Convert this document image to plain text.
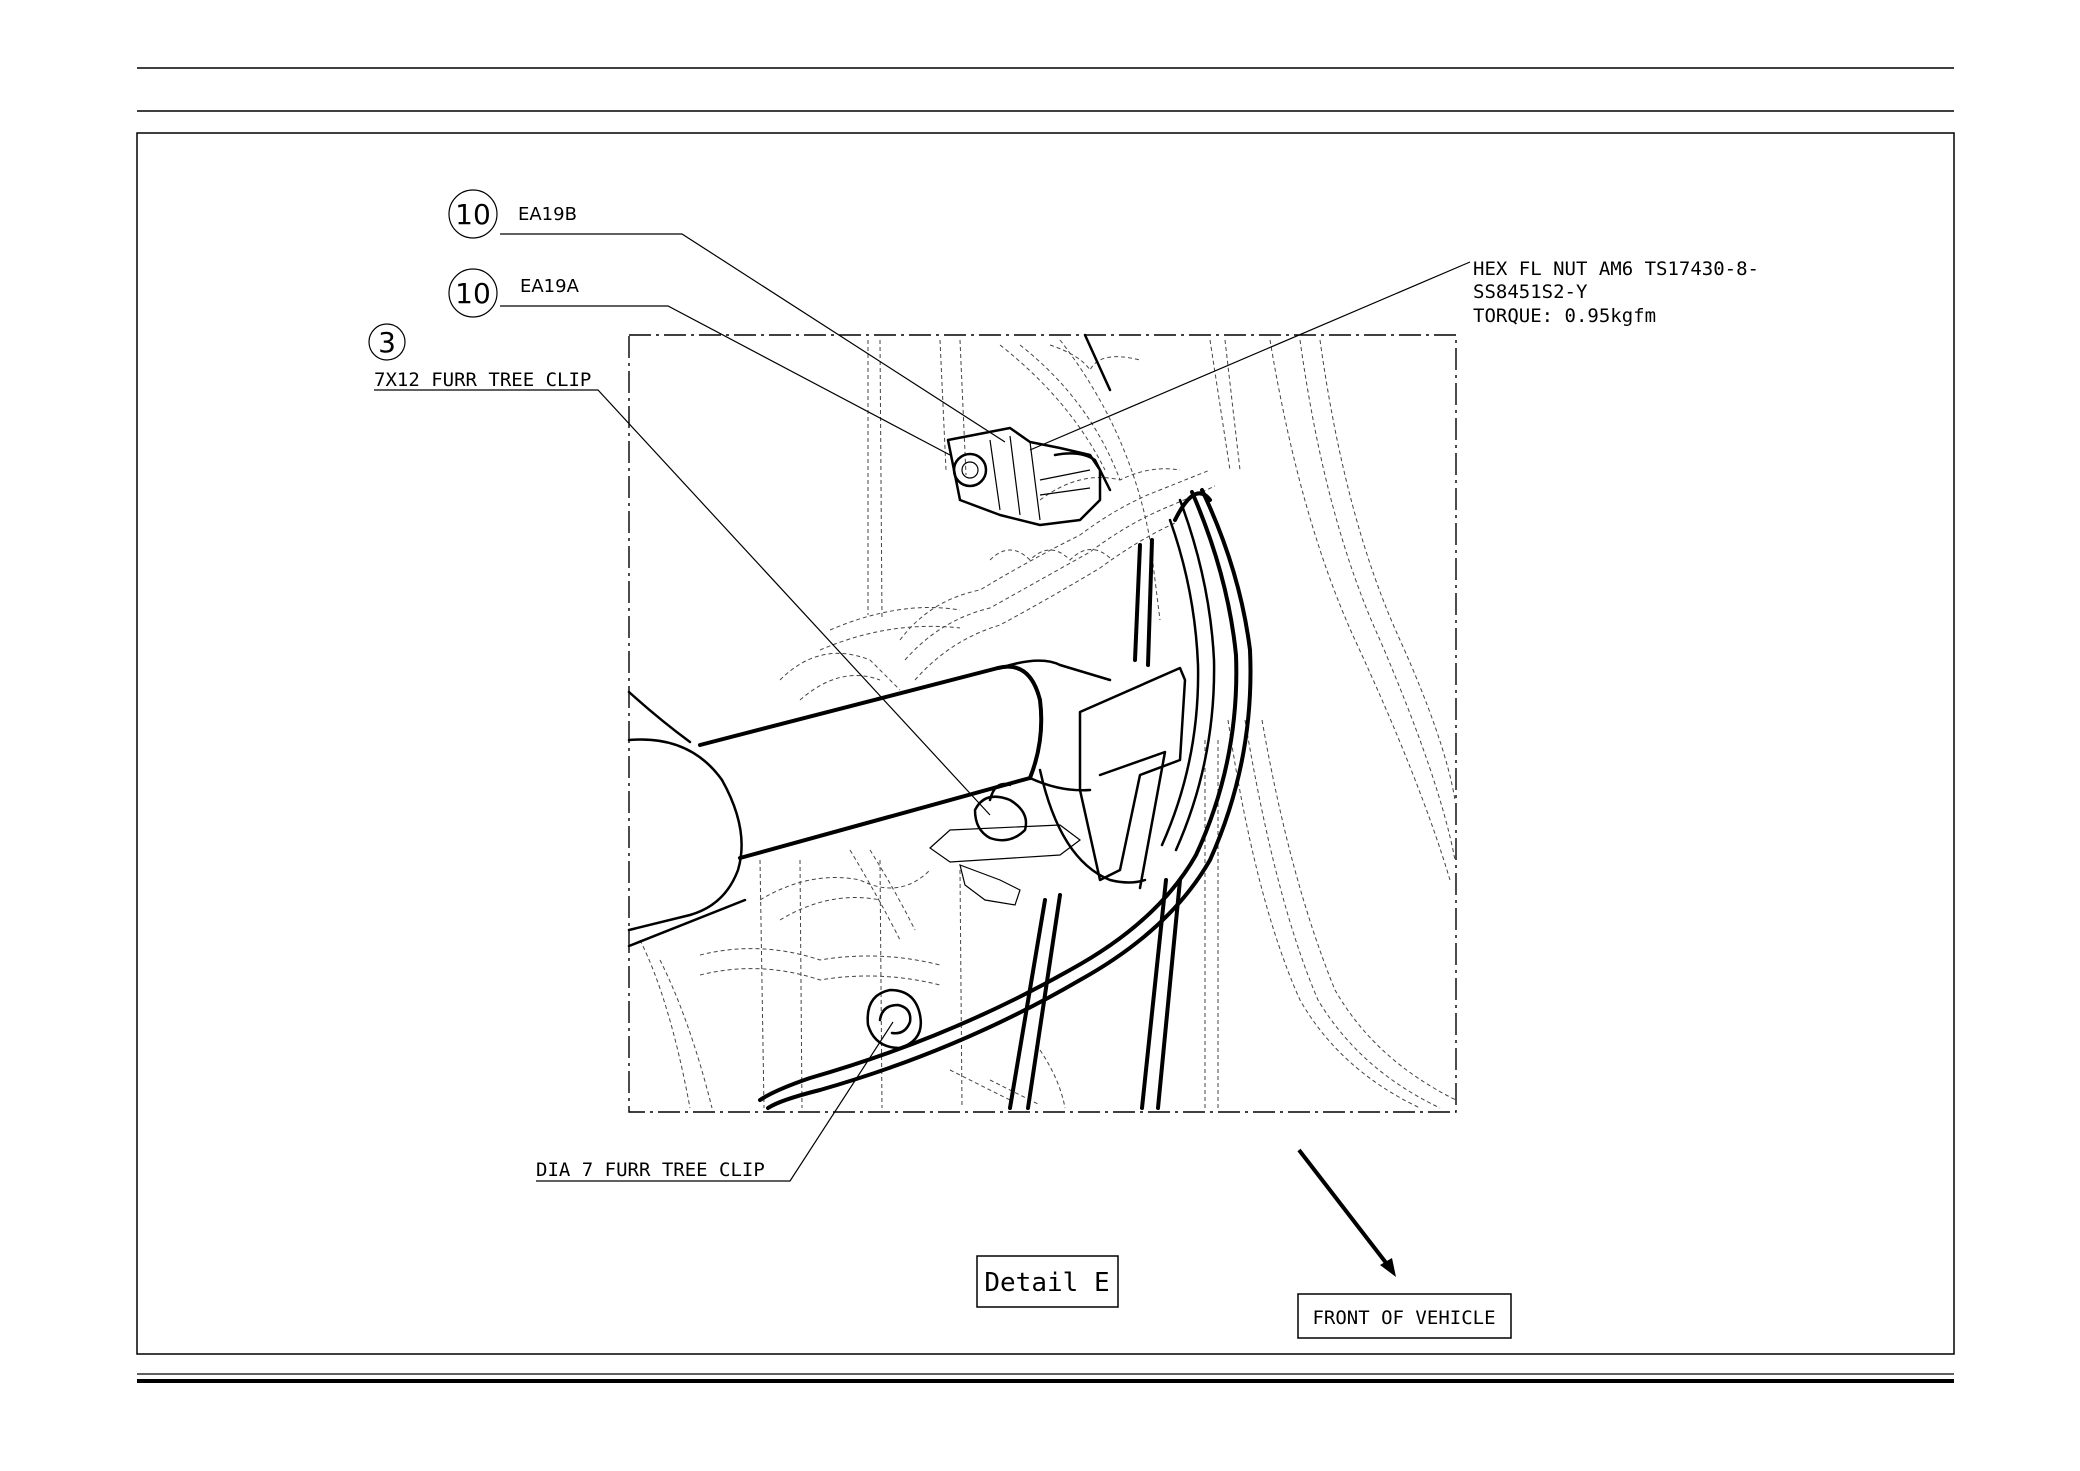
10 EA19B
10 EA19A
3
7X12 FURR TREE CLIP
DIA 7 FURR TREE CLIP
HEX FL NUT AM6 TS17430-8-
SS8451S2-Y
TORQUE: 0.95kgfm
Detail E
FRONT OF VEHICLE
